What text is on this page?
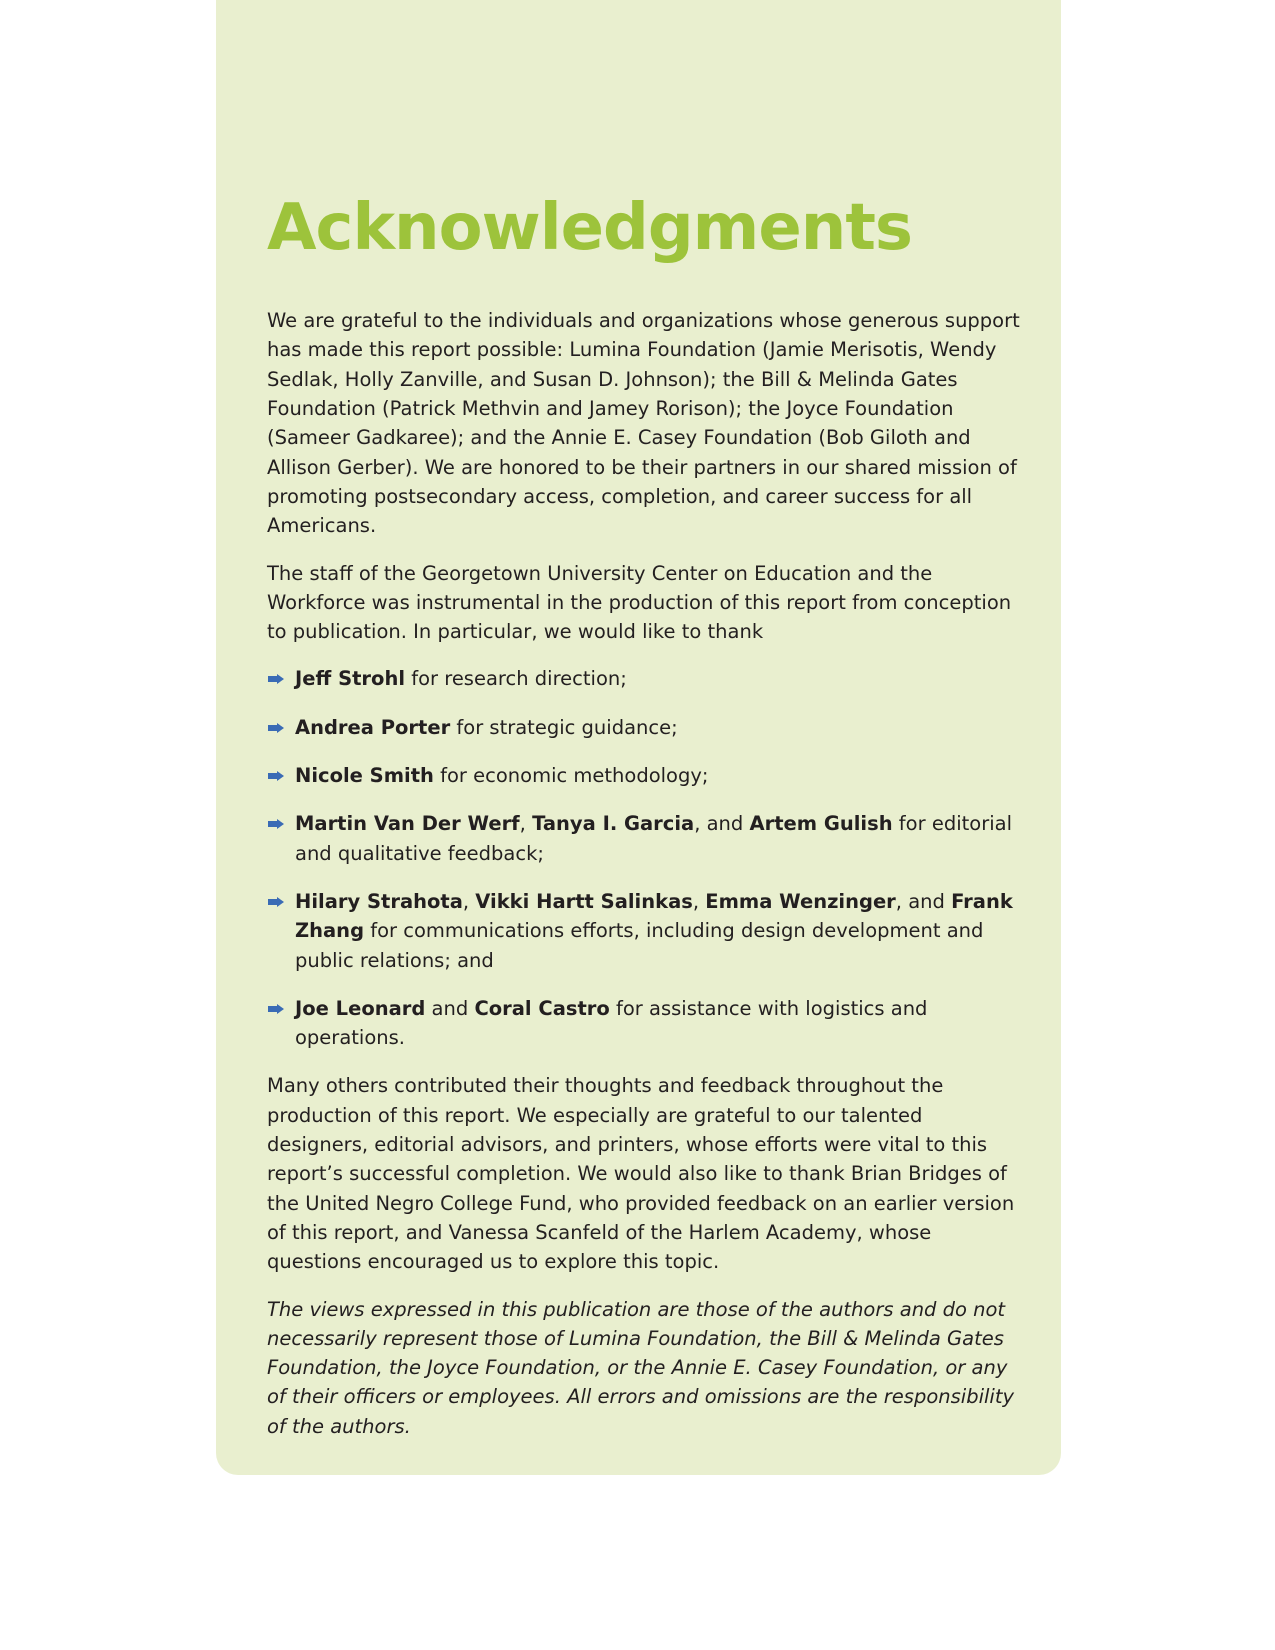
Acknowledgments

We are grateful to the individuals and organizations whose generous support has made this report possible: Lumina Foundation (Jamie Merisotis, Wendy Sedlak, Holly Zanville, and Susan D. Johnson); the Bill & Melinda Gates Foundation (Patrick Methvin and Jamey Rorison); the Joyce Foundation (Sameer Gadkaree); and the Annie E. Casey Foundation (Bob Giloth and Allison Gerber). We are honored to be their partners in our shared mission of promoting postsecondary access, completion, and career success for all Americans.

The staff of the Georgetown University Center on Education and the Workforce was instrumental in the production of this report from conception to publication. In particular, we would like to thank

Jeff Strohl for research direction;
Andrea Porter for strategic guidance;
Nicole Smith for economic methodology;
Martin Van Der Werf, Tanya I. Garcia, and Artem Gulish for editorial and qualitative feedback;
Hilary Strahota, Vikki Hartt Salinkas, Emma Wenzinger, and Frank Zhang for communications efforts, including design development and public relations; and
Joe Leonard and Coral Castro for assistance with logistics and operations.

Many others contributed their thoughts and feedback throughout the production of this report. We especially are grateful to our talented designers, editorial advisors, and printers, whose efforts were vital to this report’s successful completion. We would also like to thank Brian Bridges of the United Negro College Fund, who provided feedback on an earlier version of this report, and Vanessa Scanfeld of the Harlem Academy, whose questions encouraged us to explore this topic.

The views expressed in this publication are those of the authors and do not necessarily represent those of Lumina Foundation, the Bill & Melinda Gates Foundation, the Joyce Foundation, or the Annie E. Casey Foundation, or any of their officers or employees. All errors and omissions are the responsibility of the authors.
